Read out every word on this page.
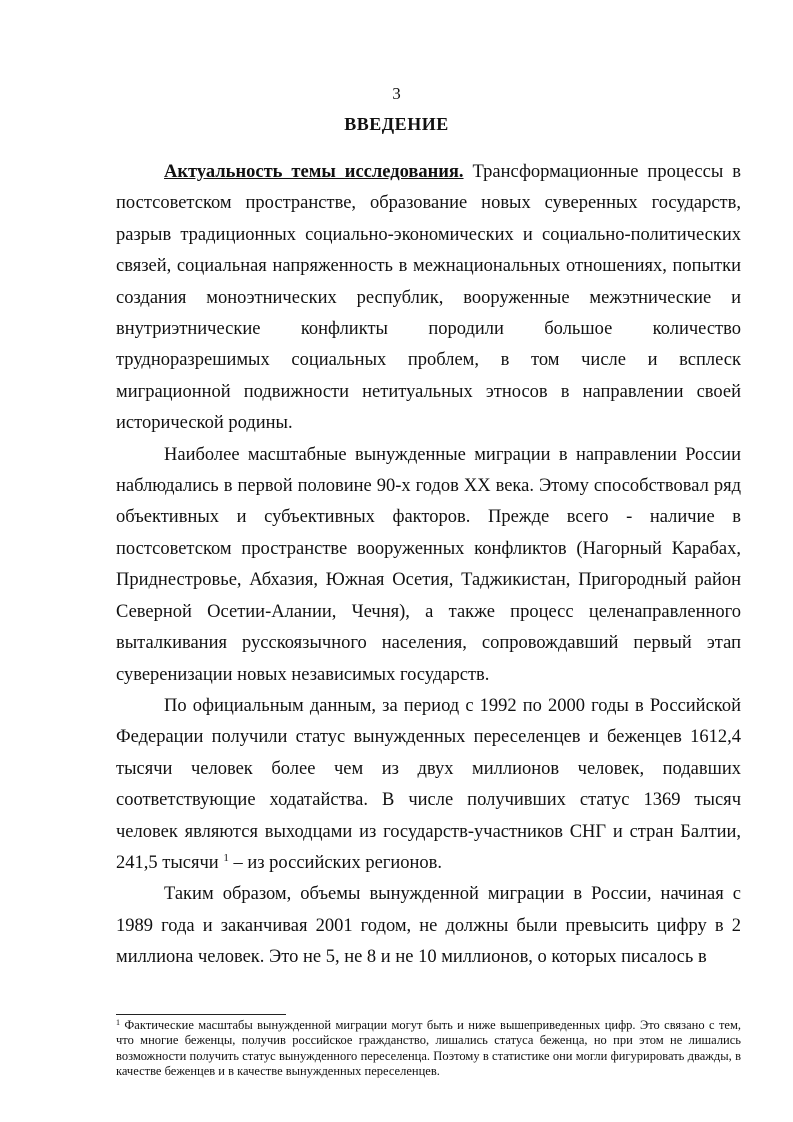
3
ВВЕДЕНИЕ

Актуальность темы исследования. Трансформационные процессы в постсоветском пространстве, образование новых суверенных государств, разрыв традиционных социально-экономических и социально-политических связей, социальная напряженность в межнациональных отношениях, попытки создания моноэтнических республик, вооруженные межэтнические и внутриэтнические конфликты породили большое количество трудноразрешимых социальных проблем, в том числе и всплеск миграционной подвижности нетитуальных этносов в направлении своей исторической родины.

Наиболее масштабные вынужденные миграции в направлении России наблюдались в первой половине 90-х годов XX века. Этому способствовал ряд объективных и субъективных факторов. Прежде всего - наличие в постсоветском пространстве вооруженных конфликтов (Нагорный Карабах, Приднестровье, Абхазия, Южная Осетия, Таджикистан, Пригородный район Северной Осетии-Алании, Чечня), а также процесс целенаправленного выталкивания русскоязычного населения, сопровождавший первый этап суверенизации новых независимых государств.

По официальным данным, за период с 1992 по 2000 годы в Российской Федерации получили статус вынужденных переселенцев и беженцев 1612,4 тысячи человек более чем из двух миллионов человек, подавших соответствующие ходатайства. В числе получивших статус 1369 тысяч человек являются выходцами из государств-участников СНГ и стран Балтии, 241,5 тысячи $^1$ – из российских регионов.

Таким образом, объемы вынужденной миграции в России, начиная с 1989 года и заканчивая 2001 годом, не должны были превысить цифру в 2 миллиона человек. Это не 5, не 8 и не 10 миллионов, о которых писалось в

$^1$ Фактические масштабы вынужденной миграции могут быть и ниже вышеприведенных цифр. Это связано с тем, что многие беженцы, получив российское гражданство, лишались статуса беженца, но при этом не лишались возможности получить статус вынужденного переселенца. Поэтому в статистике они могли фигурировать дважды, в качестве беженцев и в качестве вынужденных переселенцев.
